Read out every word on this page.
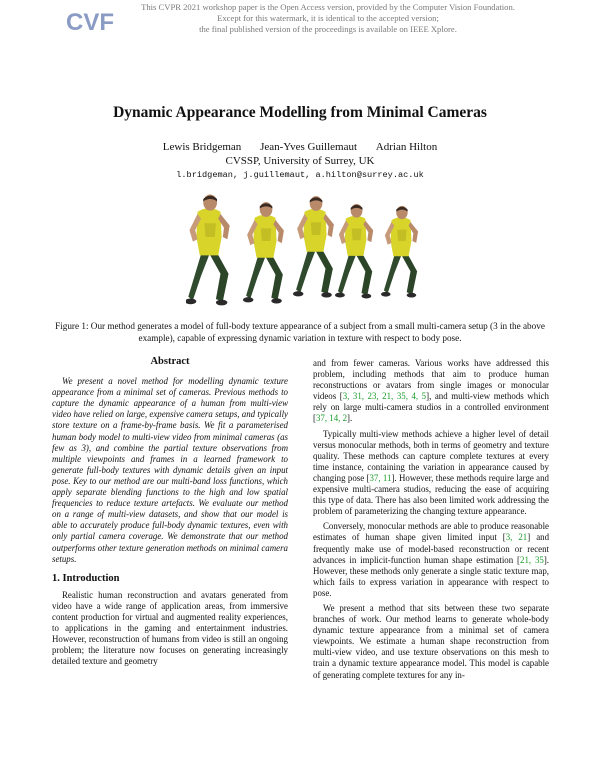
CVF
This CVPR 2021 workshop paper is the Open Access version, provided by the Computer Vision Foundation.
Except for this watermark, it is identical to the accepted version;
the final published version of the proceedings is available on IEEE Xplore.
Dynamic Appearance Modelling from Minimal Cameras
Lewis Bridgeman Jean-Yves Guillemaut Adrian Hilton
CVSSP, University of Surrey, UK
l.bridgeman, j.guillemaut, a.hilton@surrey.ac.uk
Figure 1: Our method generates a model of full-body texture appearance of a subject from a small multi-camera setup (3 in the above example), capable of expressing dynamic variation in texture with respect to body pose.
Abstract

We present a novel method for modelling dynamic texture appearance from a minimal set of cameras. Previous methods to capture the dynamic appearance of a human from multi-view video have relied on large, expensive camera setups, and typically store texture on a frame-by-frame basis. We fit a parameterised human body model to multi-view video from minimal cameras (as few as 3), and combine the partial texture observations from multiple viewpoints and frames in a learned framework to generate full-body textures with dynamic details given an input pose. Key to our method are our multi-band loss functions, which apply separate blending functions to the high and low spatial frequencies to reduce texture artefacts. We evaluate our method on a range of multi-view datasets, and show that our model is able to accurately produce full-body dynamic textures, even with only partial camera coverage. We demonstrate that our method outperforms other texture generation methods on minimal camera setups.

1. Introduction

Realistic human reconstruction and avatars generated from video have a wide range of application areas, from immersive content production for virtual and augmented reality experiences, to applications in the gaming and entertainment industries. However, reconstruction of humans from video is still an ongoing problem; the literature now focuses on generating increasingly detailed texture and geometry

and from fewer cameras. Various works have addressed this problem, including methods that aim to produce human reconstructions or avatars from single images or monocular videos [3, 31, 23, 21, 35, 4, 5], and multi-view methods which rely on large multi-camera studios in a controlled environment [37, 14, 2].

Typically multi-view methods achieve a higher level of detail versus monocular methods, both in terms of geometry and texture quality. These methods can capture complete textures at every time instance, containing the variation in appearance caused by changing pose [37, 11]. However, these methods require large and expensive multi-camera studios, reducing the ease of acquiring this type of data. There has also been limited work addressing the problem of parameterizing the changing texture appearance.

Conversely, monocular methods are able to produce reasonable estimates of human shape given limited input [3, 21] and frequently make use of model-based reconstruction or recent advances in implicit-function human shape estimation [21, 35]. However, these methods only generate a single static texture map, which fails to express variation in appearance with respect to pose.

We present a method that sits between these two separate branches of work. Our method learns to generate whole-body dynamic texture appearance from a minimal set of camera viewpoints. We estimate a human shape reconstruction from multi-view video, and use texture observations on this mesh to train a dynamic texture appearance model. This model is capable of generating complete textures for any in-
